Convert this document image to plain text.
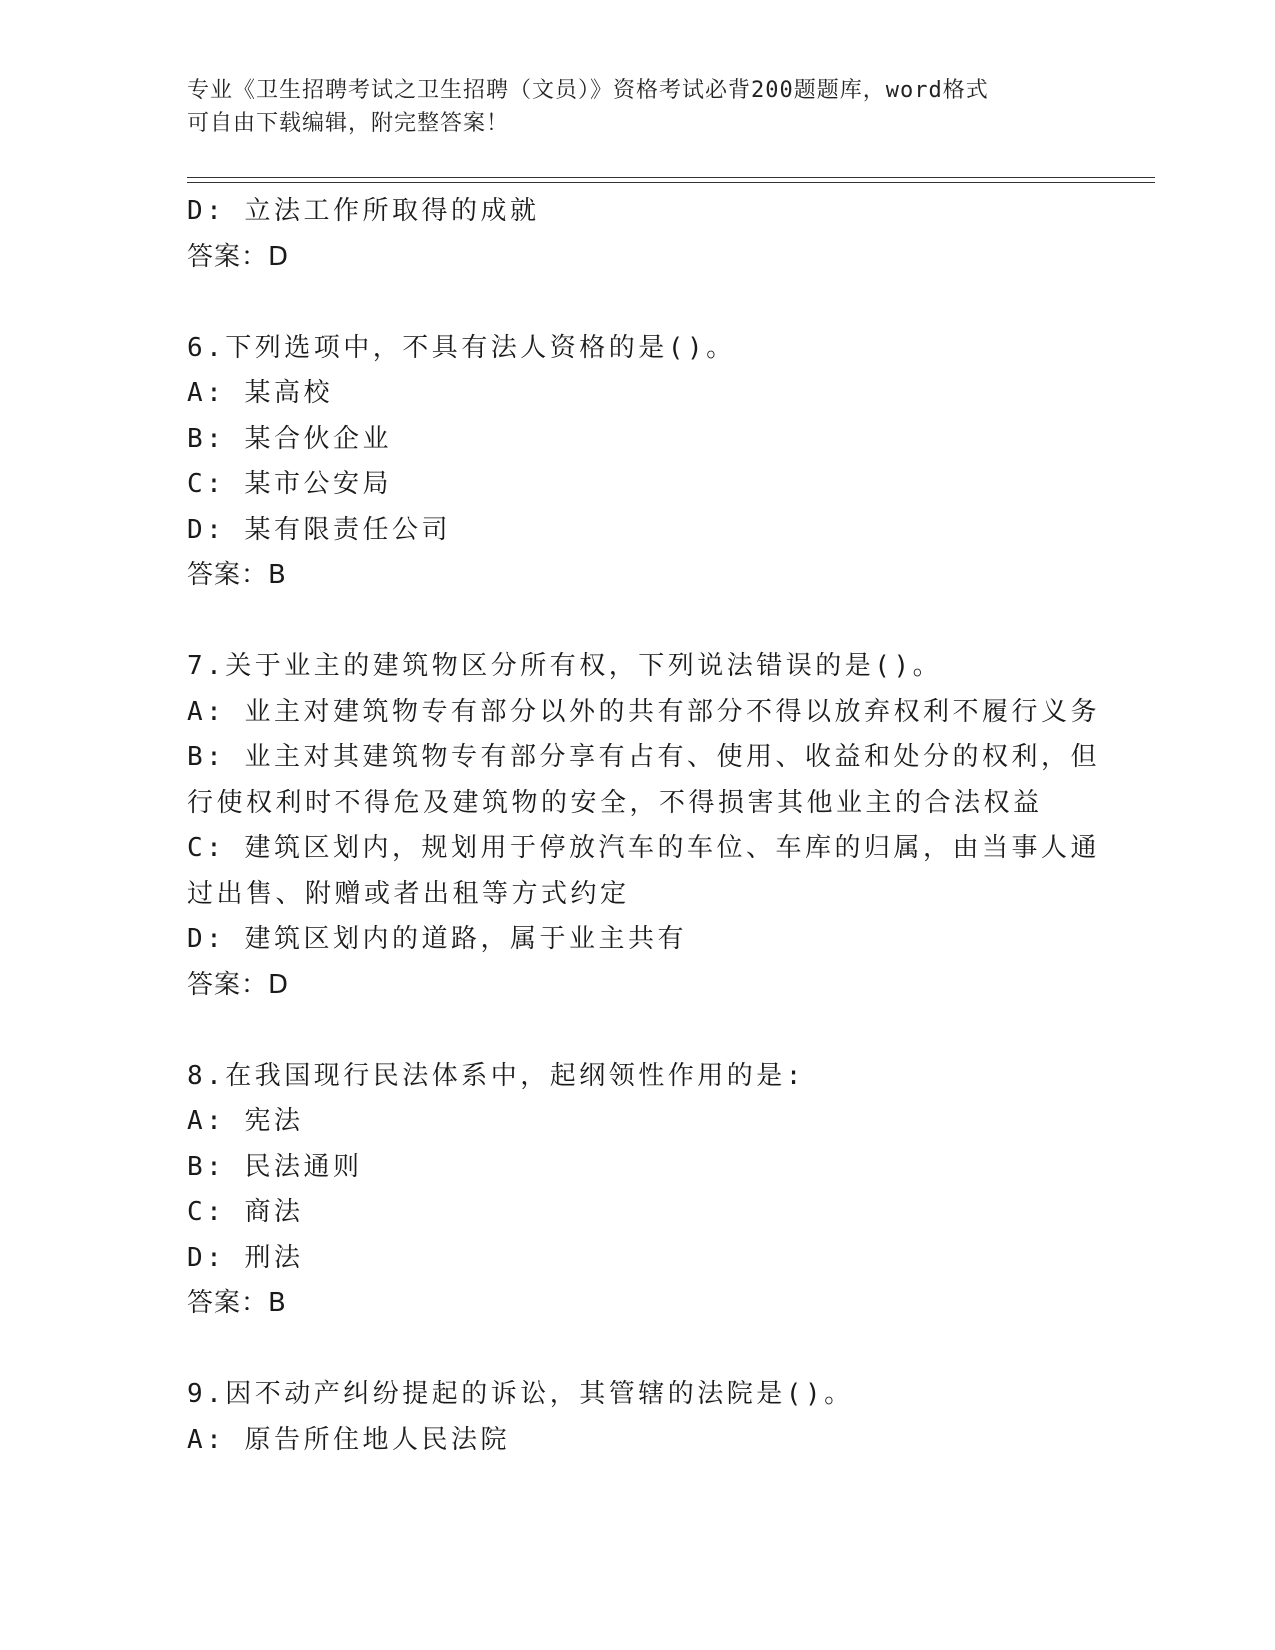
专业《卫生招聘考试之卫生招聘（文员）》资格考试必背200题题库，word格式
可自由下载编辑，附完整答案！
D: 立法工作所取得的成就
答案：D
6.下列选项中，不具有法人资格的是()。
A: 某高校
B: 某合伙企业
C: 某市公安局
D: 某有限责任公司
答案：B
7.关于业主的建筑物区分所有权，下列说法错误的是()。
A: 业主对建筑物专有部分以外的共有部分不得以放弃权利不履行义务
B: 业主对其建筑物专有部分享有占有、使用、收益和处分的权利，但
行使权利时不得危及建筑物的安全，不得损害其他业主的合法权益
C: 建筑区划内，规划用于停放汽车的车位、车库的归属，由当事人通
过出售、附赠或者出租等方式约定
D: 建筑区划内的道路，属于业主共有
答案：D
8.在我国现行民法体系中，起纲领性作用的是:
A: 宪法
B: 民法通则
C: 商法
D: 刑法
答案：B
9.因不动产纠纷提起的诉讼，其管辖的法院是()。
A: 原告所住地人民法院
